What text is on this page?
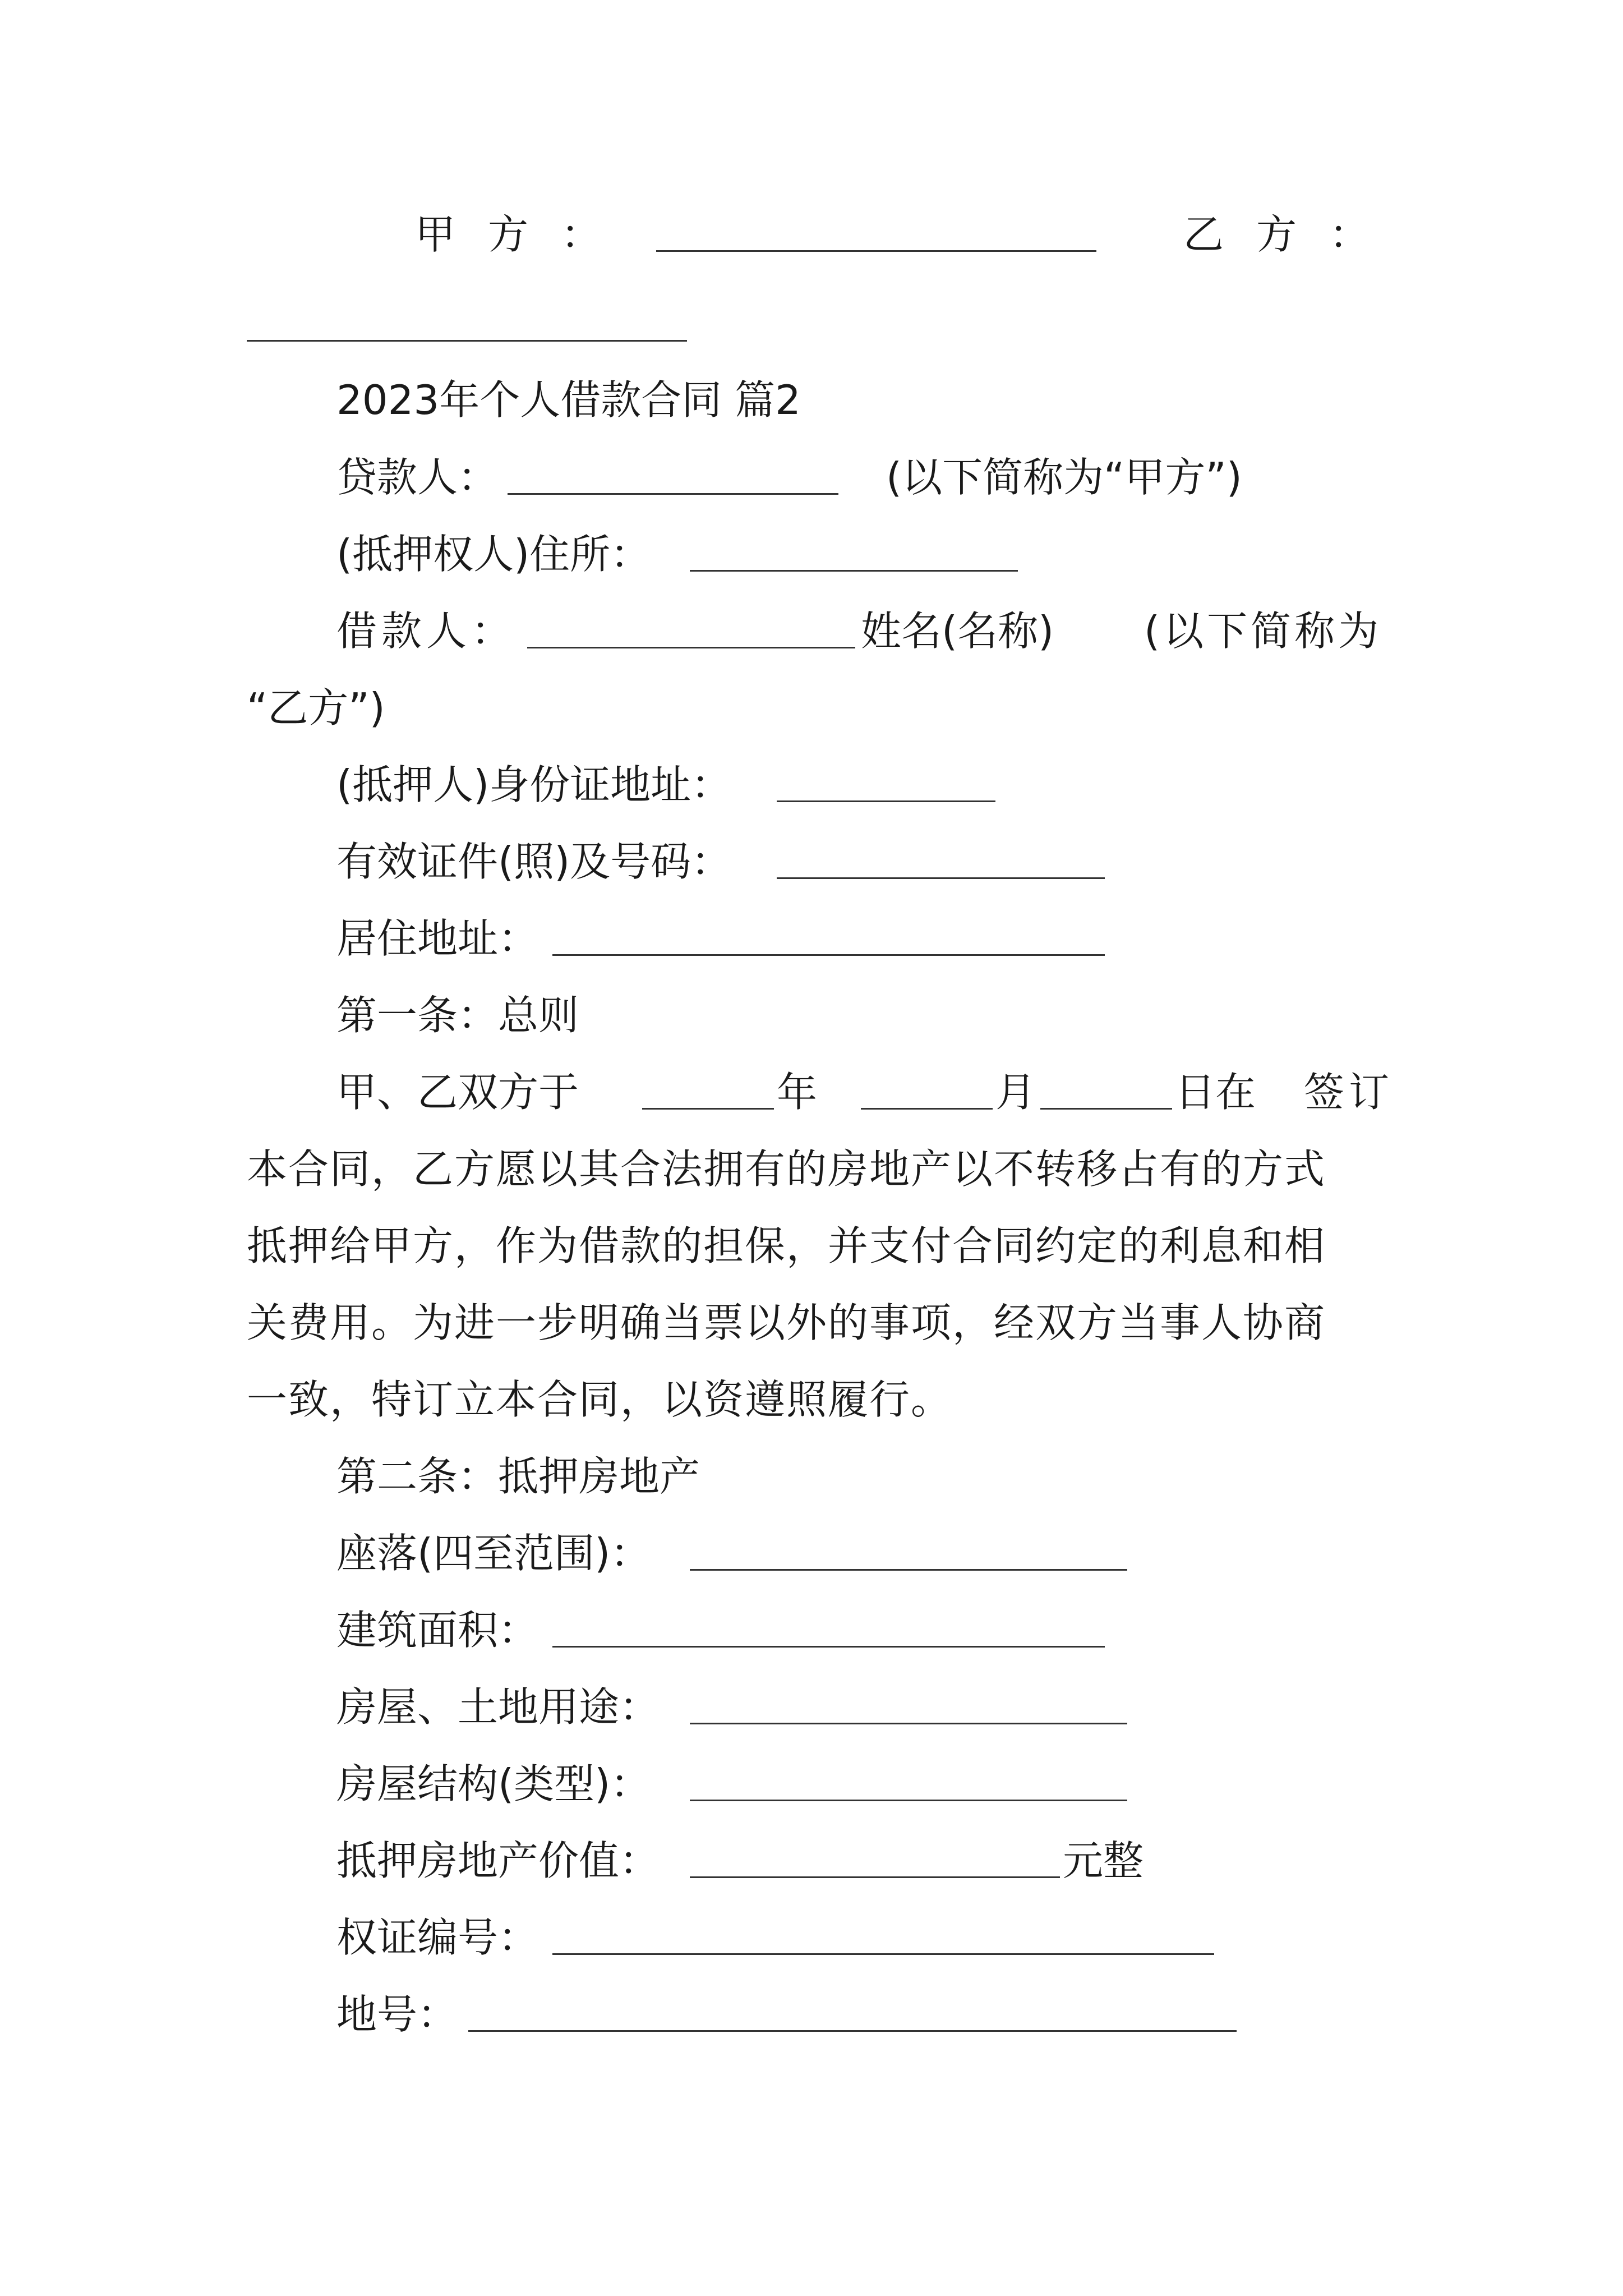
甲方：	乙方：
2023年个人借款合同 篇2
贷款人：	(以下简称为“甲方”)
(抵押权人)住所：
借款人：	姓名(名称) (以下简称为
“乙方”)
(抵押人)身份证地址：
有效证件(照)及号码：
居住地址：
第一条：总则
甲、乙双方于	年	月	日在 签订
本合同，乙方愿以其合法拥有的房地产以不转移占有的方式
抵押给甲方，作为借款的担保，并支付合同约定的利息和相
关费用。为进一步明确当票以外的事项，经双方当事人协商
一致，特订立本合同，以资遵照履行。
第二条：抵押房地产
座落(四至范围)：
建筑面积：
房屋、土地用途：
房屋结构(类型)：
抵押房地产价值：	元整
权证编号：
地号：
